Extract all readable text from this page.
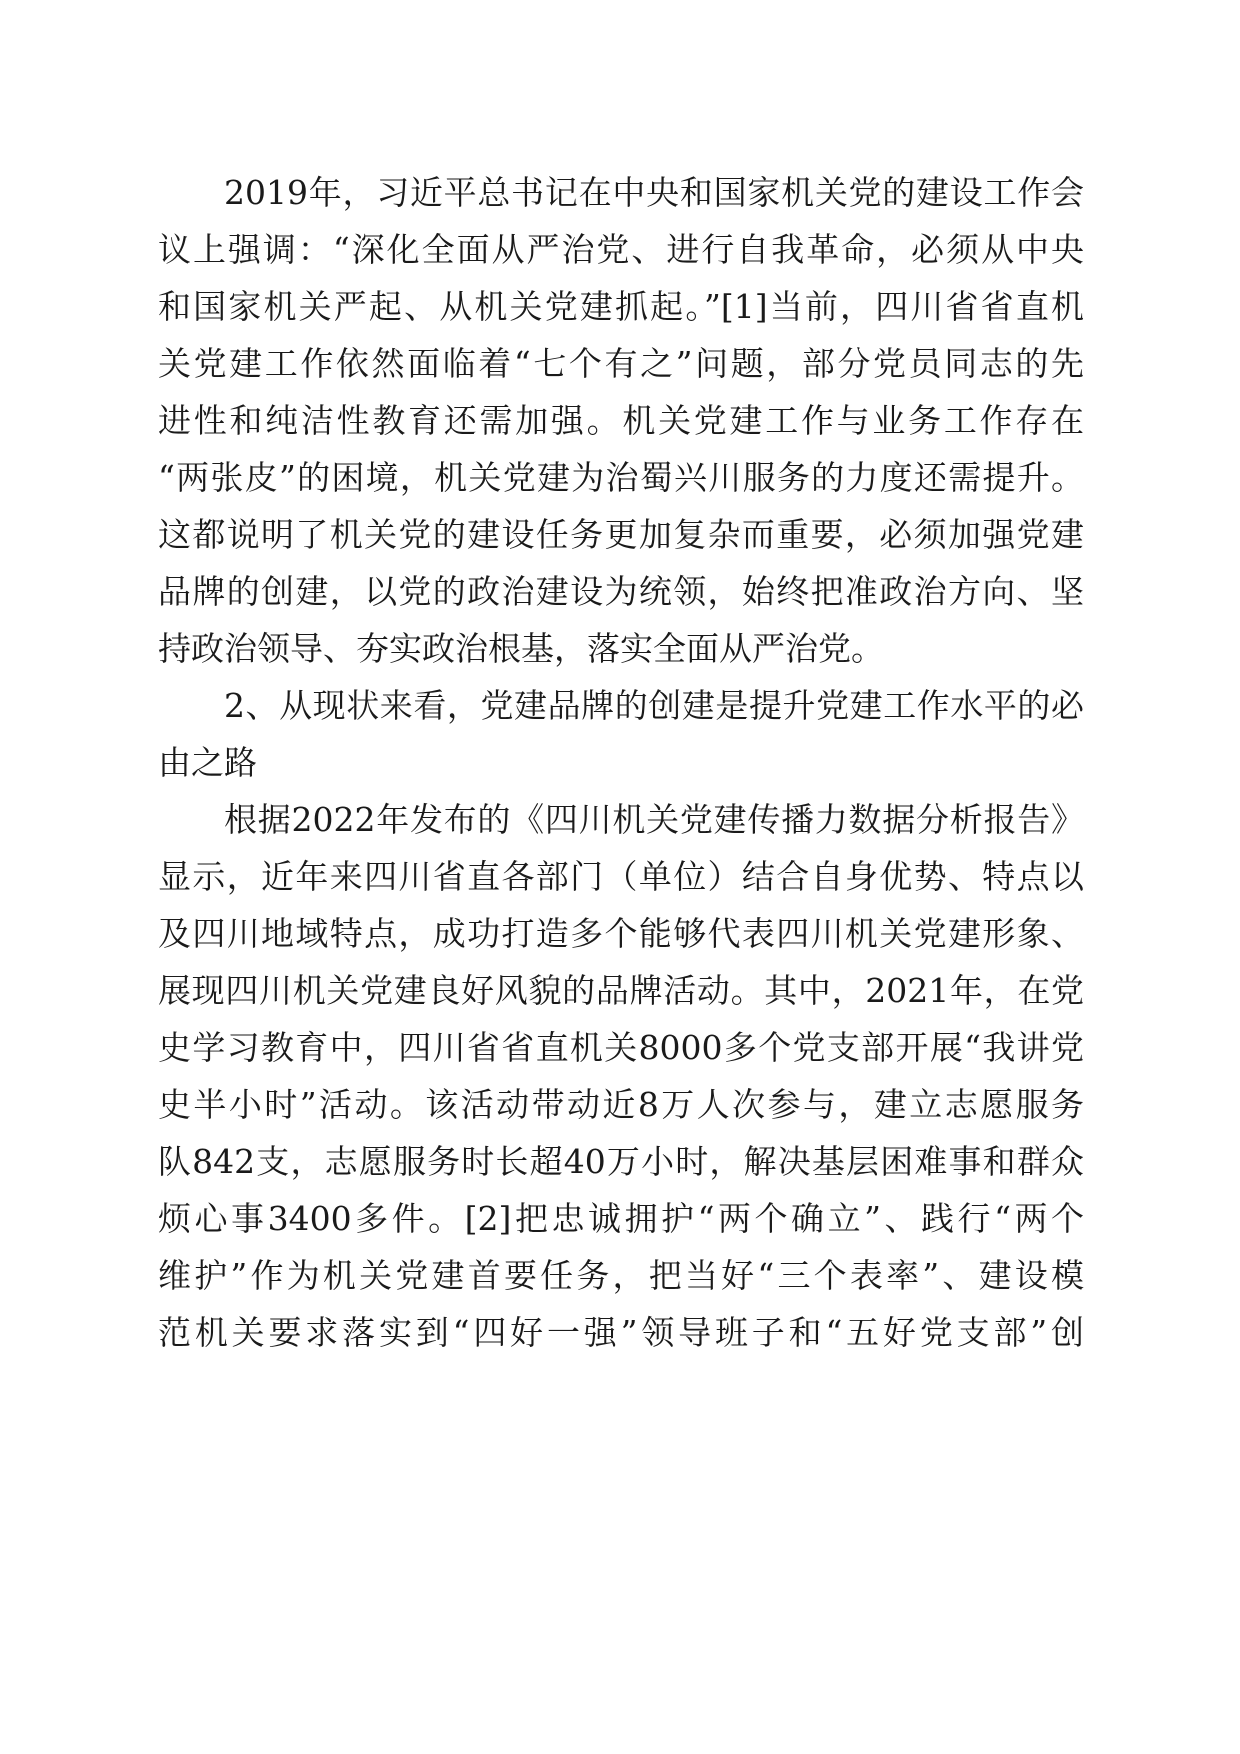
2019年，习近平总书记在中央和国家机关党的建设工作会
议上强调：“深化全面从严治党、进行自我革命，必须从中央
和国家机关严起、从机关党建抓起。”[1]当前，四川省省直机
关党建工作依然面临着“七个有之”问题，部分党员同志的先
进性和纯洁性教育还需加强。机关党建工作与业务工作存在
“两张皮”的困境，机关党建为治蜀兴川服务的力度还需提升。
这都说明了机关党的建设任务更加复杂而重要，必须加强党建
品牌的创建，以党的政治建设为统领，始终把准政治方向、坚
持政治领导、夯实政治根基，落实全面从严治党。
2、从现状来看，党建品牌的创建是提升党建工作水平的必
由之路
根据2022年发布的《四川机关党建传播力数据分析报告》
显示，近年来四川省直各部门（单位）结合自身优势、特点以
及四川地域特点，成功打造多个能够代表四川机关党建形象、
展现四川机关党建良好风貌的品牌活动。其中，2021年，在党
史学习教育中，四川省省直机关8000多个党支部开展“我讲党
史半小时”活动。该活动带动近8万人次参与，建立志愿服务
队842支，志愿服务时长超40万小时，解决基层困难事和群众
烦心事3400多件。[2]把忠诚拥护“两个确立”、践行“两个
维护”作为机关党建首要任务，把当好“三个表率”、建设模
范机关要求落实到“四好一强”领导班子和“五好党支部”创
